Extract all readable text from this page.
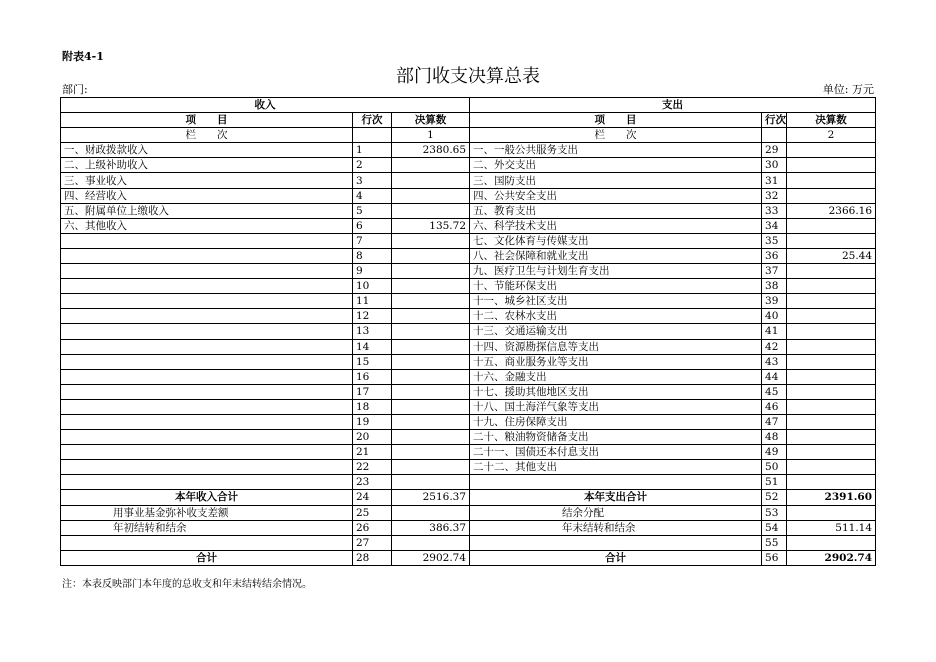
附表4-1
部门收支决算总表
部门:	单位: 万元
收入			支出		
项　　目	行次	决算数	项　　目	行次	决算数
栏　　次		1	栏　　次		2
一、财政拨款收入	1	2380.65	一、一般公共服务支出	29	
二、上级补助收入	2		二、外交支出	30	
三、事业收入	3		三、国防支出	31	
四、经营收入	4		四、公共安全支出	32	
五、附属单位上缴收入	5		五、教育支出	33	2366.16
六、其他收入	6	135.72	六、科学技术支出	34	
	7		七、文化体育与传媒支出	35	
	8		八、社会保障和就业支出	36	25.44
	9		九、医疗卫生与计划生育支出	37	
	10		十、节能环保支出	38	
	11		十一、城乡社区支出	39	
	12		十二、农林水支出	40	
	13		十三、交通运输支出	41	
	14		十四、资源勘探信息等支出	42	
	15		十五、商业服务业等支出	43	
	16		十六、金融支出	44	
	17		十七、援助其他地区支出	45	
	18		十八、国土海洋气象等支出	46	
	19		十九、住房保障支出	47	
	20		二十、粮油物资储备支出	48	
	21		二十一、国债还本付息支出	49	
	22		二十二、其他支出	50	
	23			51	
本年收入合计	24	2516.37	本年支出合计	52	2391.60
用事业基金弥补收支差额	25		结余分配	53	
年初结转和结余	26	386.37	年末结转和结余	54	511.14
	27			55	
合计	28	2902.74	合计	56	2902.74
注：本表反映部门本年度的总收支和年末结转结余情况。
